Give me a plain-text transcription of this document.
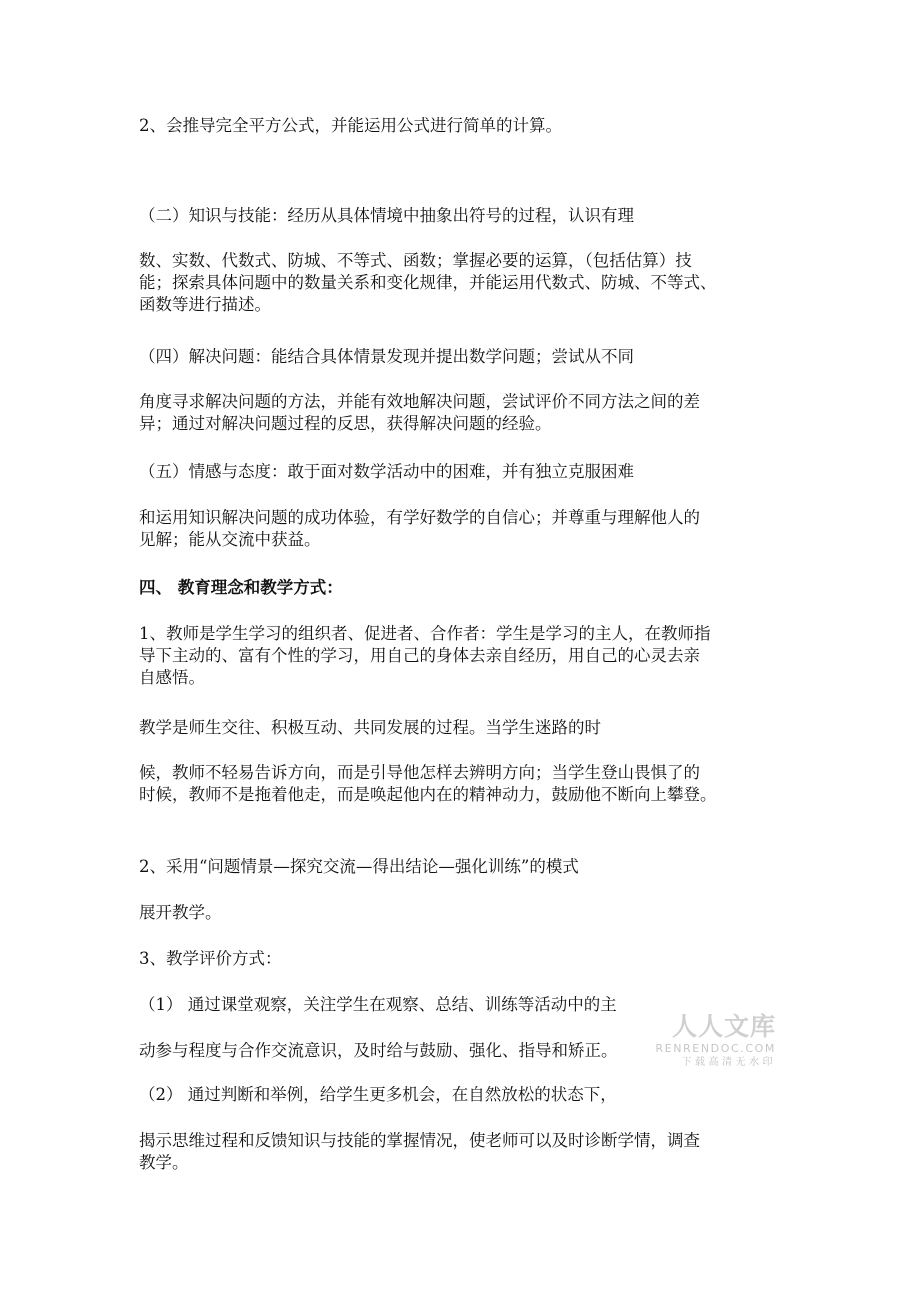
2、会推导完全平方公式，并能运用公式进行简单的计算。

（二）知识与技能：经历从具体情境中抽象出符号的过程，认识有理

数、实数、代数式、防城、不等式、函数；掌握必要的运算，（包括估算）技
能；探索具体问题中的数量关系和变化规律，并能运用代数式、防城、不等式、
函数等进行描述。

（四）解决问题：能结合具体情景发现并提出数学问题；尝试从不同

角度寻求解决问题的方法，并能有效地解决问题，尝试评价不同方法之间的差
异；通过对解决问题过程的反思，获得解决问题的经验。

（五）情感与态度：敢于面对数学活动中的困难，并有独立克服困难

和运用知识解决问题的成功体验，有学好数学的自信心；并尊重与理解他人的
见解；能从交流中获益。

四、 教育理念和教学方式：

1、教师是学生学习的组织者、促进者、合作者：学生是学习的主人，在教师指
导下主动的、富有个性的学习，用自己的身体去亲自经历，用自己的心灵去亲
自感悟。

教学是师生交往、积极互动、共同发展的过程。当学生迷路的时

候，教师不轻易告诉方向，而是引导他怎样去辨明方向；当学生登山畏惧了的
时候，教师不是拖着他走，而是唤起他内在的精神动力，鼓励他不断向上攀登。

2、采用“问题情景—探究交流—得出结论—强化训练”的模式

展开教学。

3、教学评价方式：

（1） 通过课堂观察，关注学生在观察、总结、训练等活动中的主

动参与程度与合作交流意识，及时给与鼓励、强化、指导和矫正。

（2） 通过判断和举例，给学生更多机会，在自然放松的状态下，

揭示思维过程和反馈知识与技能的掌握情况，使老师可以及时诊断学情，调查
教学。
人人文库
RENRENDOC.COM
下载高清无水印
